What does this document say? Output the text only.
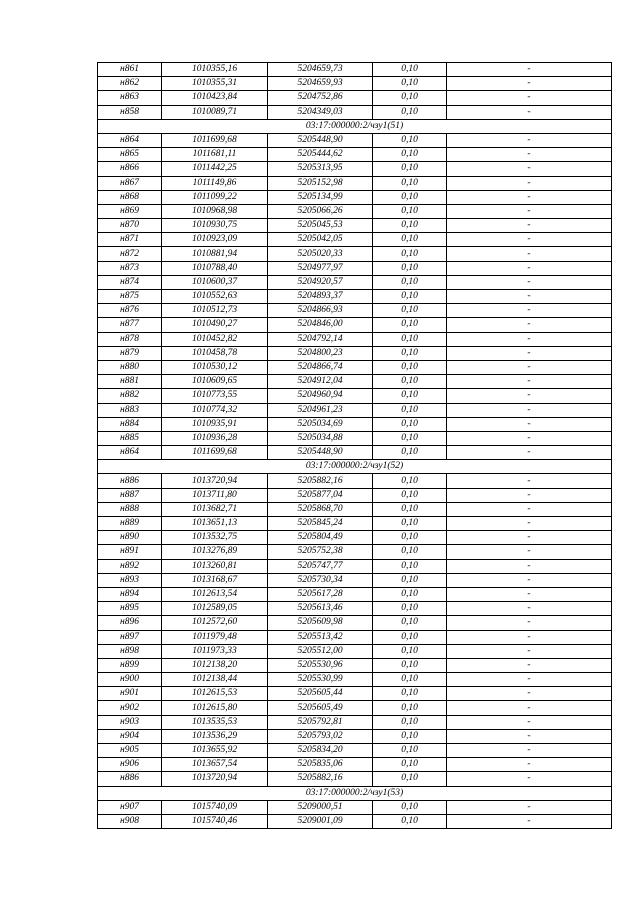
н861	1010355,16	5204659,73	0,10	-
н862	1010355,31	5204659,93	0,10	-
н863	1010423,84	5204752,86	0,10	-
н858	1010089,71	5204349,03	0,10	-
03:17:000000:2/чзу1(51)				
н864	1011699,68	5205448,90	0,10	-
н865	1011681,11	5205444,62	0,10	-
н866	1011442,25	5205313,95	0,10	-
н867	1011149,86	5205152,98	0,10	-
н868	1011099,22	5205134,99	0,10	-
н869	1010968,98	5205066,26	0,10	-
н870	1010930,75	5205045,53	0,10	-
н871	1010923,09	5205042,05	0,10	-
н872	1010881,94	5205020,33	0,10	-
н873	1010788,40	5204977,97	0,10	-
н874	1010600,37	5204920,57	0,10	-
н875	1010552,63	5204893,37	0,10	-
н876	1010512,73	5204866,93	0,10	-
н877	1010490,27	5204846,00	0,10	-
н878	1010452,82	5204792,14	0,10	-
н879	1010458,78	5204800,23	0,10	-
н880	1010530,12	5204866,74	0,10	-
н881	1010609,65	5204912,04	0,10	-
н882	1010773,55	5204960,94	0,10	-
н883	1010774,32	5204961,23	0,10	-
н884	1010935,91	5205034,69	0,10	-
н885	1010936,28	5205034,88	0,10	-
н864	1011699,68	5205448,90	0,10	-
03:17:000000:2/чзу1(52)				
н886	1013720,94	5205882,16	0,10	-
н887	1013711,80	5205877,04	0,10	-
н888	1013682,71	5205868,70	0,10	-
н889	1013651,13	5205845,24	0,10	-
н890	1013532,75	5205804,49	0,10	-
н891	1013276,89	5205752,38	0,10	-
н892	1013260,81	5205747,77	0,10	-
н893	1013168,67	5205730,34	0,10	-
н894	1012613,54	5205617,28	0,10	-
н895	1012589,05	5205613,46	0,10	-
н896	1012572,60	5205609,98	0,10	-
н897	1011979,48	5205513,42	0,10	-
н898	1011973,33	5205512,00	0,10	-
н899	1012138,20	5205530,96	0,10	-
н900	1012138,44	5205530,99	0,10	-
н901	1012615,53	5205605,44	0,10	-
н902	1012615,80	5205605,49	0,10	-
н903	1013535,53	5205792,81	0,10	-
н904	1013536,29	5205793,02	0,10	-
н905	1013655,92	5205834,20	0,10	-
н906	1013657,54	5205835,06	0,10	-
н886	1013720,94	5205882,16	0,10	-
03:17:000000:2/чзу1(53)				
н907	1015740,09	5209000,51	0,10	-
н908	1015740,46	5209001,09	0,10	-
